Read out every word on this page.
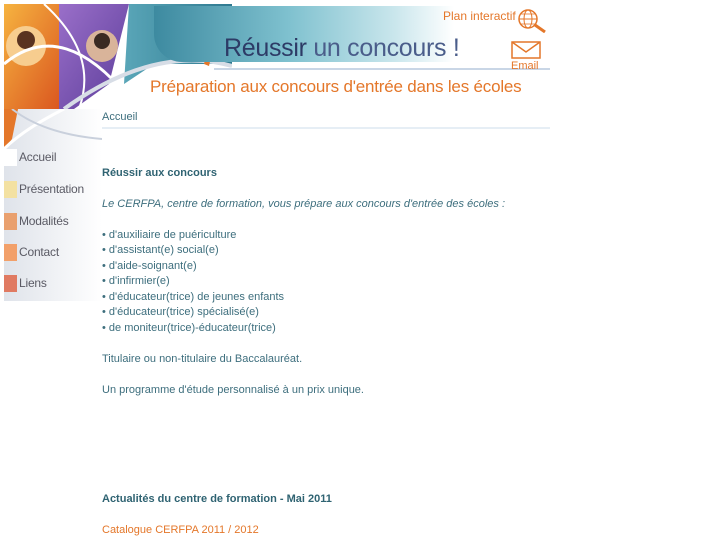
Réussir un concours !
Préparation aux concours d'entrée dans les écoles
Plan interactif
Email
Accueil
Présentation
Modalités
Contact
Liens
Accueil
Réussir aux concours
Le CERFPA, centre de formation, vous prépare aux concours d'entrée des écoles :
• d'auxiliaire de puériculture
• d'assistant(e) social(e)
• d'aide-soignant(e)
• d'infirmier(e)
• d'éducateur(trice) de jeunes enfants
• d'éducateur(trice) spécialisé(e)
• de moniteur(trice)-éducateur(trice)
Titulaire ou non-titulaire du Baccalauréat.
Un programme d'étude personnalisé à un prix unique.
Actualités du centre de formation - Mai 2011
Catalogue CERFPA 2011 / 2012
